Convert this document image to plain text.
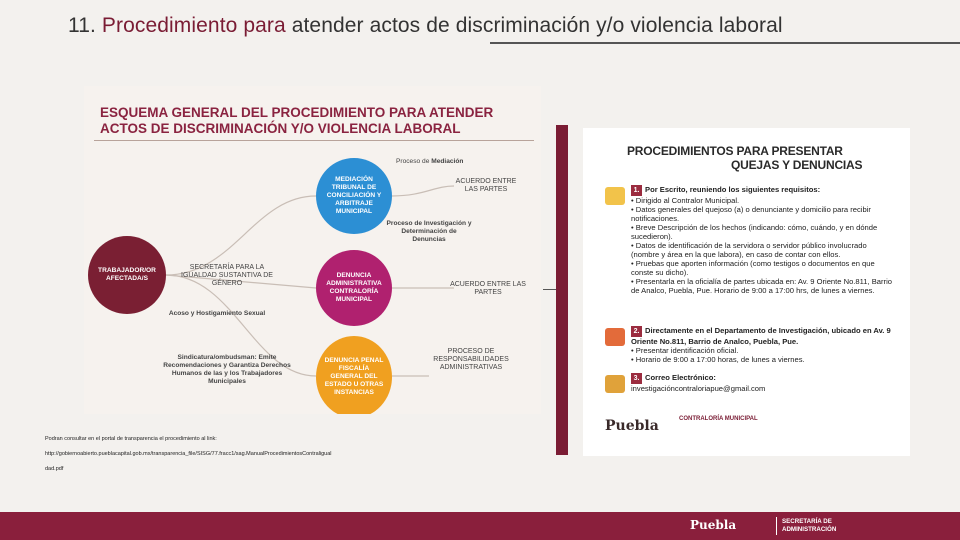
11. Procedimiento para atender actos de discriminación y/o violencia laboral
ESQUEMA GENERAL DEL PROCEDIMIENTO PARA ATENDER
ACTOS DE DISCRIMINACIÓN Y/O VIOLENCIA LABORAL
TRABAJADOR/OR AFECTADA/S
MEDIACIÓN TRIBUNAL DE CONCILIACIÓN Y ARBITRAJE MUNICIPAL
DENUNCIA ADMINISTRATIVA CONTRALORÍA MUNICIPAL
DENUNCIA PENAL FISCALÍA GENERAL DEL ESTADO U OTRAS INSTANCIAS
Proceso de Mediación
ACUERDO ENTRE LAS PARTES
Proceso de Investigación y Determinación de Denuncias
SECRETARÍA PARA LA IGUALDAD SUSTANTIVA DE GÉNERO
Acoso y Hostigamiento Sexual
ACUERDO ENTRE LAS PARTES
Sindicatura/ombudsman: Emite Recomendaciones y Garantiza Derechos Humanos de las y los Trabajadores Municipales
PROCESO DE RESPONSABILIDADES ADMINISTRATIVAS
Podran consultar en el portal de transparencia el procedimiento al link:
http://gobiernoabierto.pueblacapital.gob.mx/transparencia_file/SISG/77.fracc1/sag.ManualProcedimientosContraligual
dad.pdf
PROCEDIMIENTOS PARA PRESENTAR
QUEJAS Y DENUNCIAS
1. Por Escrito, reuniendo los siguientes requisitos:
• Dirigido al Contralor Municipal.
• Datos generales del quejoso (a) o denunciante y domicilio para recibir notificaciones.
• Breve Descripción de los hechos (indicando: cómo, cuándo, y en dónde sucedieron).
• Datos de identificación de la servidora o servidor público involucrado (nombre y área en la que labora), en caso de contar con ellos.
• Pruebas que aporten información (como testigos o documentos en que conste su dicho).
• Presentarla en la oficialía de partes ubicada en: Av. 9 Oriente No.811, Barrio de Analco, Puebla, Pue. Horario de 9:00 a 17:00 hrs, de lunes a viernes.
2. Directamente en el Departamento de Investigación, ubicado en Av. 9 Oriente No.811, Barrio de Analco, Puebla, Pue.
• Presentar identificación oficial.
• Horario de 9:00 a 17:00 horas, de lunes a viernes.
3. Correo Electrónico:
investigacióncontraloriapue@gmail.com
Puebla	CONTRALORÍA MUNICIPAL
Puebla	SECRETARÍA DE
ADMINISTRACIÓN
